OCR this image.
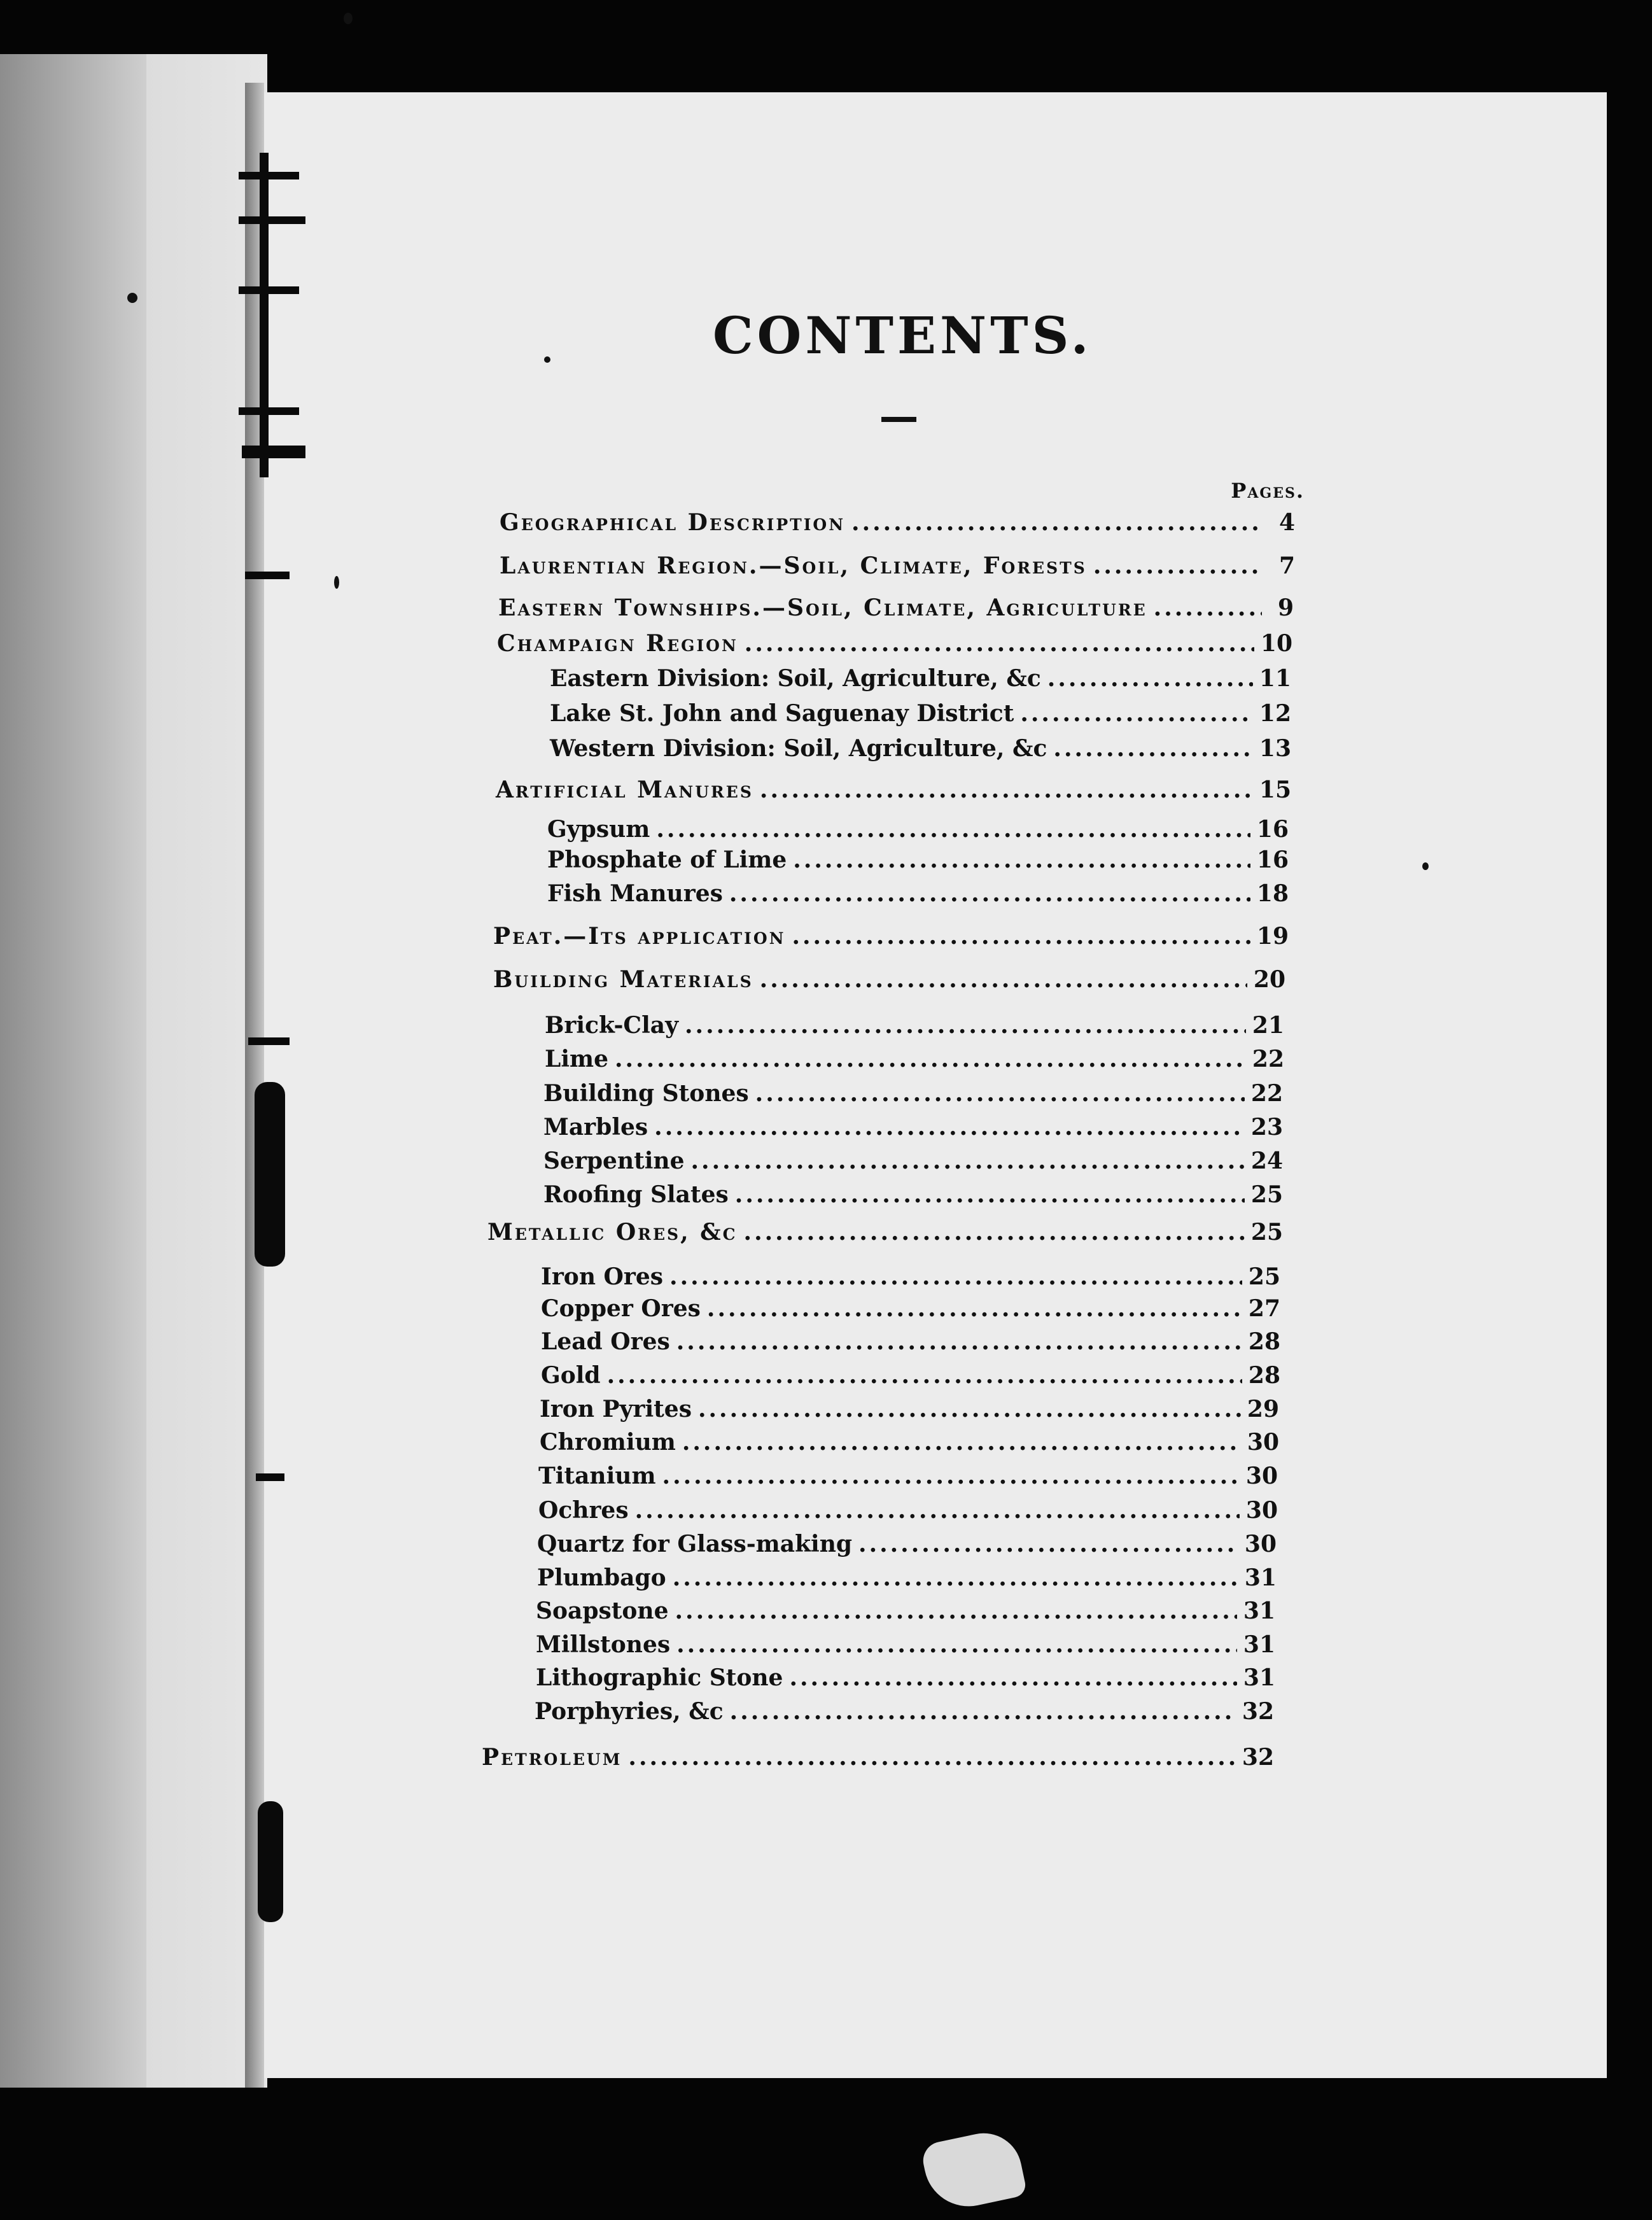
CONTENTS.
Pages.
Geographical Description .....	4
Laurentian Region.—Soil, Climate, Forests .....	7
Eastern Townships.—Soil, Climate, Agriculture .....	9
Champaign Region .....	10
Eastern Division: Soil, Agriculture, &c .....	11
Lake St. John and Saguenay District .....	12
Western Division: Soil, Agriculture, &c .....	13
Artificial Manures .....	15
Gypsum .....	16
Phosphate of Lime .....	16
Fish Manures .....	18
Peat.—Its application .....	19
Building Materials .....	20
Brick-Clay .....	21
Lime .....	22
Building Stones .....	22
Marbles .....	23
Serpentine .....	24
Roofing Slates .....	25
Metallic Ores, &c .....	25
Iron Ores .....	25
Copper Ores .....	27
Lead Ores .....	28
Gold .....	28
Iron Pyrites .....	29
Chromium .....	30
Titanium .....	30
Ochres .....	30
Quartz for Glass-making .....	30
Plumbago .....	31
Soapstone .....	31
Millstones .....	31
Lithographic Stone .....	31
Porphyries, &c .....	32
Petroleum .....	32
